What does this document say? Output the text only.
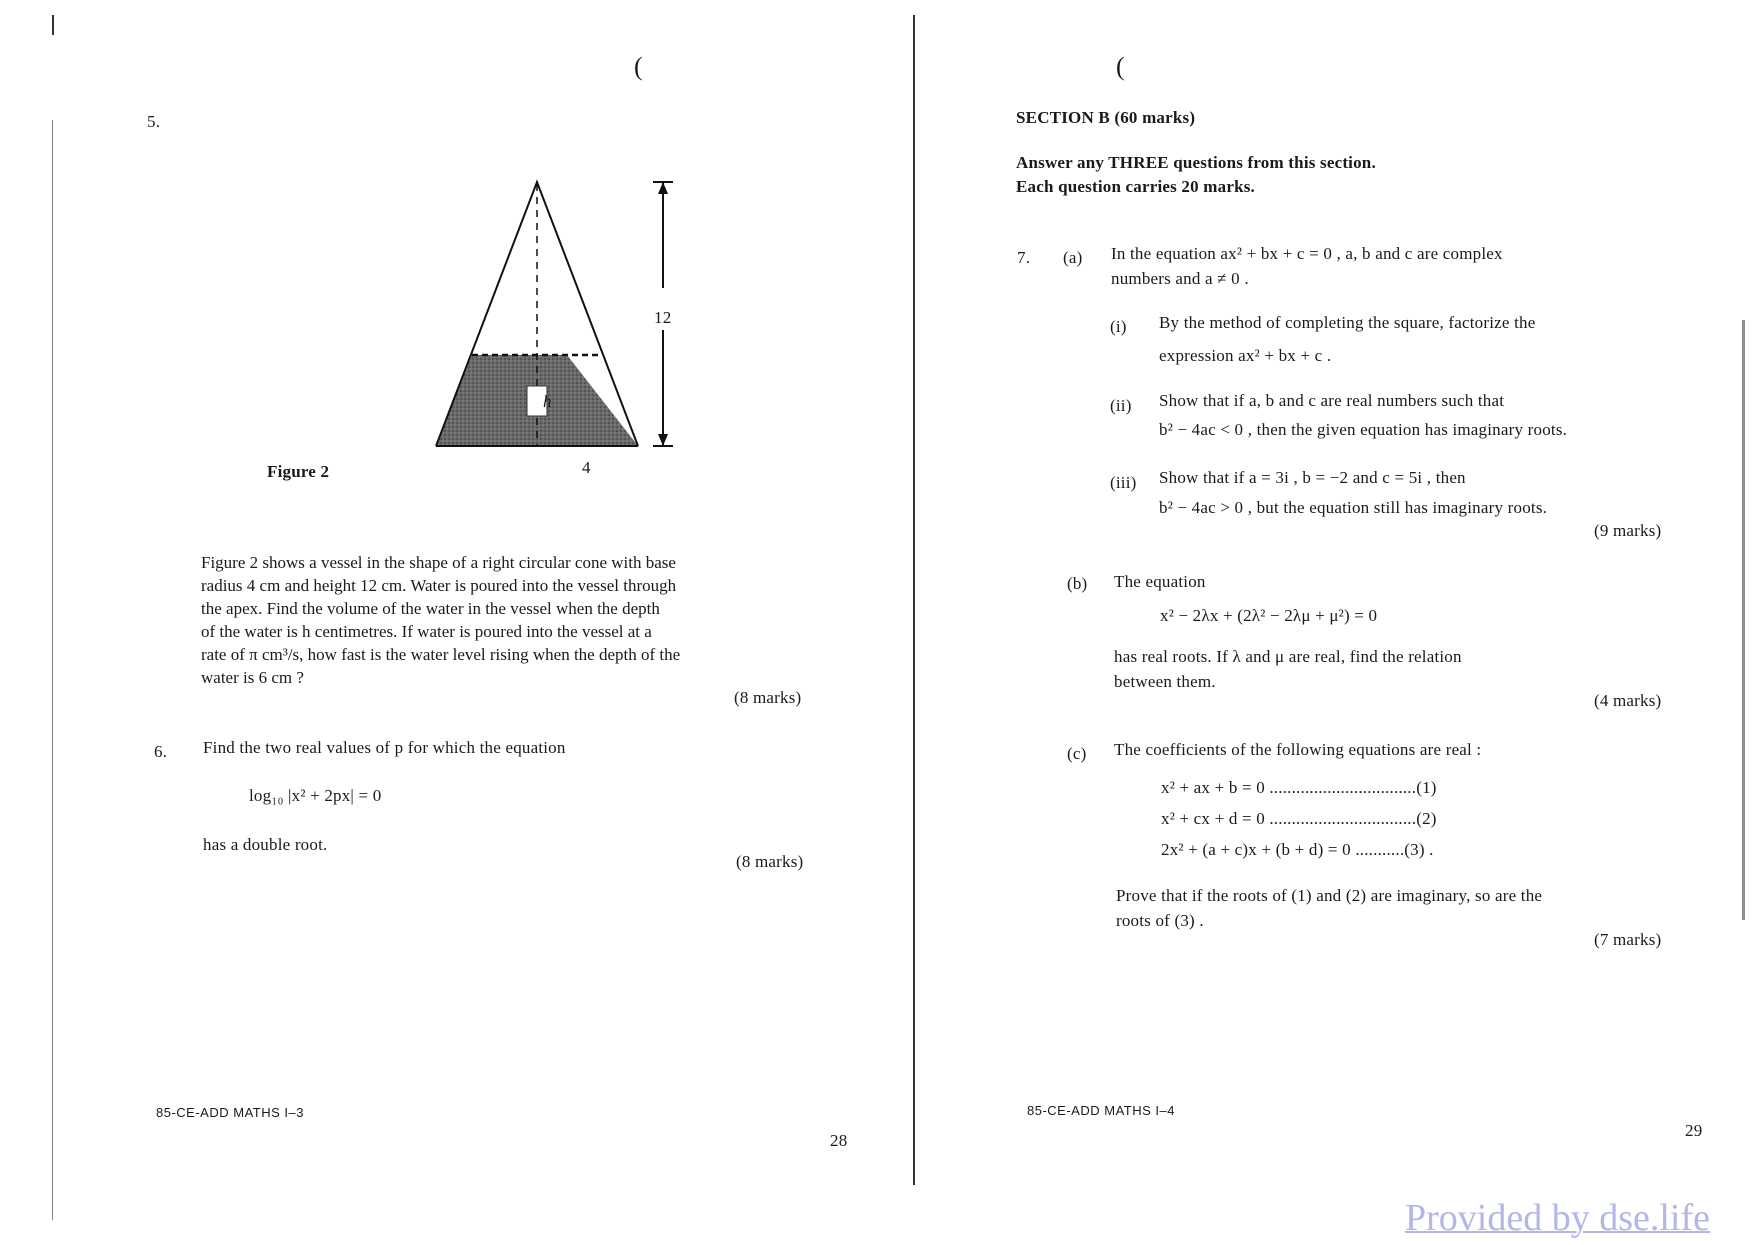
(
5.
h
12
4
Figure 2
Figure 2 shows a vessel in the shape of a right circular cone with base
radius 4 cm and height 12 cm. Water is poured into the vessel through
the apex. Find the volume of the water in the vessel when the depth
of the water is h centimetres. If water is poured into the vessel at a
rate of π cm³/s, how fast is the water level rising when the depth of the
water is 6 cm ?
(8 marks)
6. Find the two real values of p for which the equation
log₁₀ |x² + 2px| = 0
has a double root.
(8 marks)
85-CE-ADD MATHS I–3
28
(
SECTION B (60 marks)
Answer any THREE questions from this section.
Each question carries 20 marks.
7. (a) In the equation ax² + bx + c = 0 , a, b and c are complex
numbers and a ≠ 0 .
(i) By the method of completing the square, factorize the
expression ax² + bx + c .
(ii) Show that if a, b and c are real numbers such that
b² − 4ac < 0 , then the given equation has imaginary roots.
(iii) Show that if a = 3i , b = −2 and c = 5i , then
b² − 4ac > 0 , but the equation still has imaginary roots.
(9 marks)
(b) The equation
x² − 2λx + (2λ² − 2λμ + μ²) = 0
has real roots. If λ and μ are real, find the relation
between them.
(4 marks)
(c) The coefficients of the following equations are real :
x² + ax + b = 0 .................................(1)
x² + cx + d = 0 .................................(2)
2x² + (a + c)x + (b + d) = 0 ...........(3) .
Prove that if the roots of (1) and (2) are imaginary, so are the
roots of (3) .
(7 marks)
85-CE-ADD MATHS I–4
29
Provided by dse.life
